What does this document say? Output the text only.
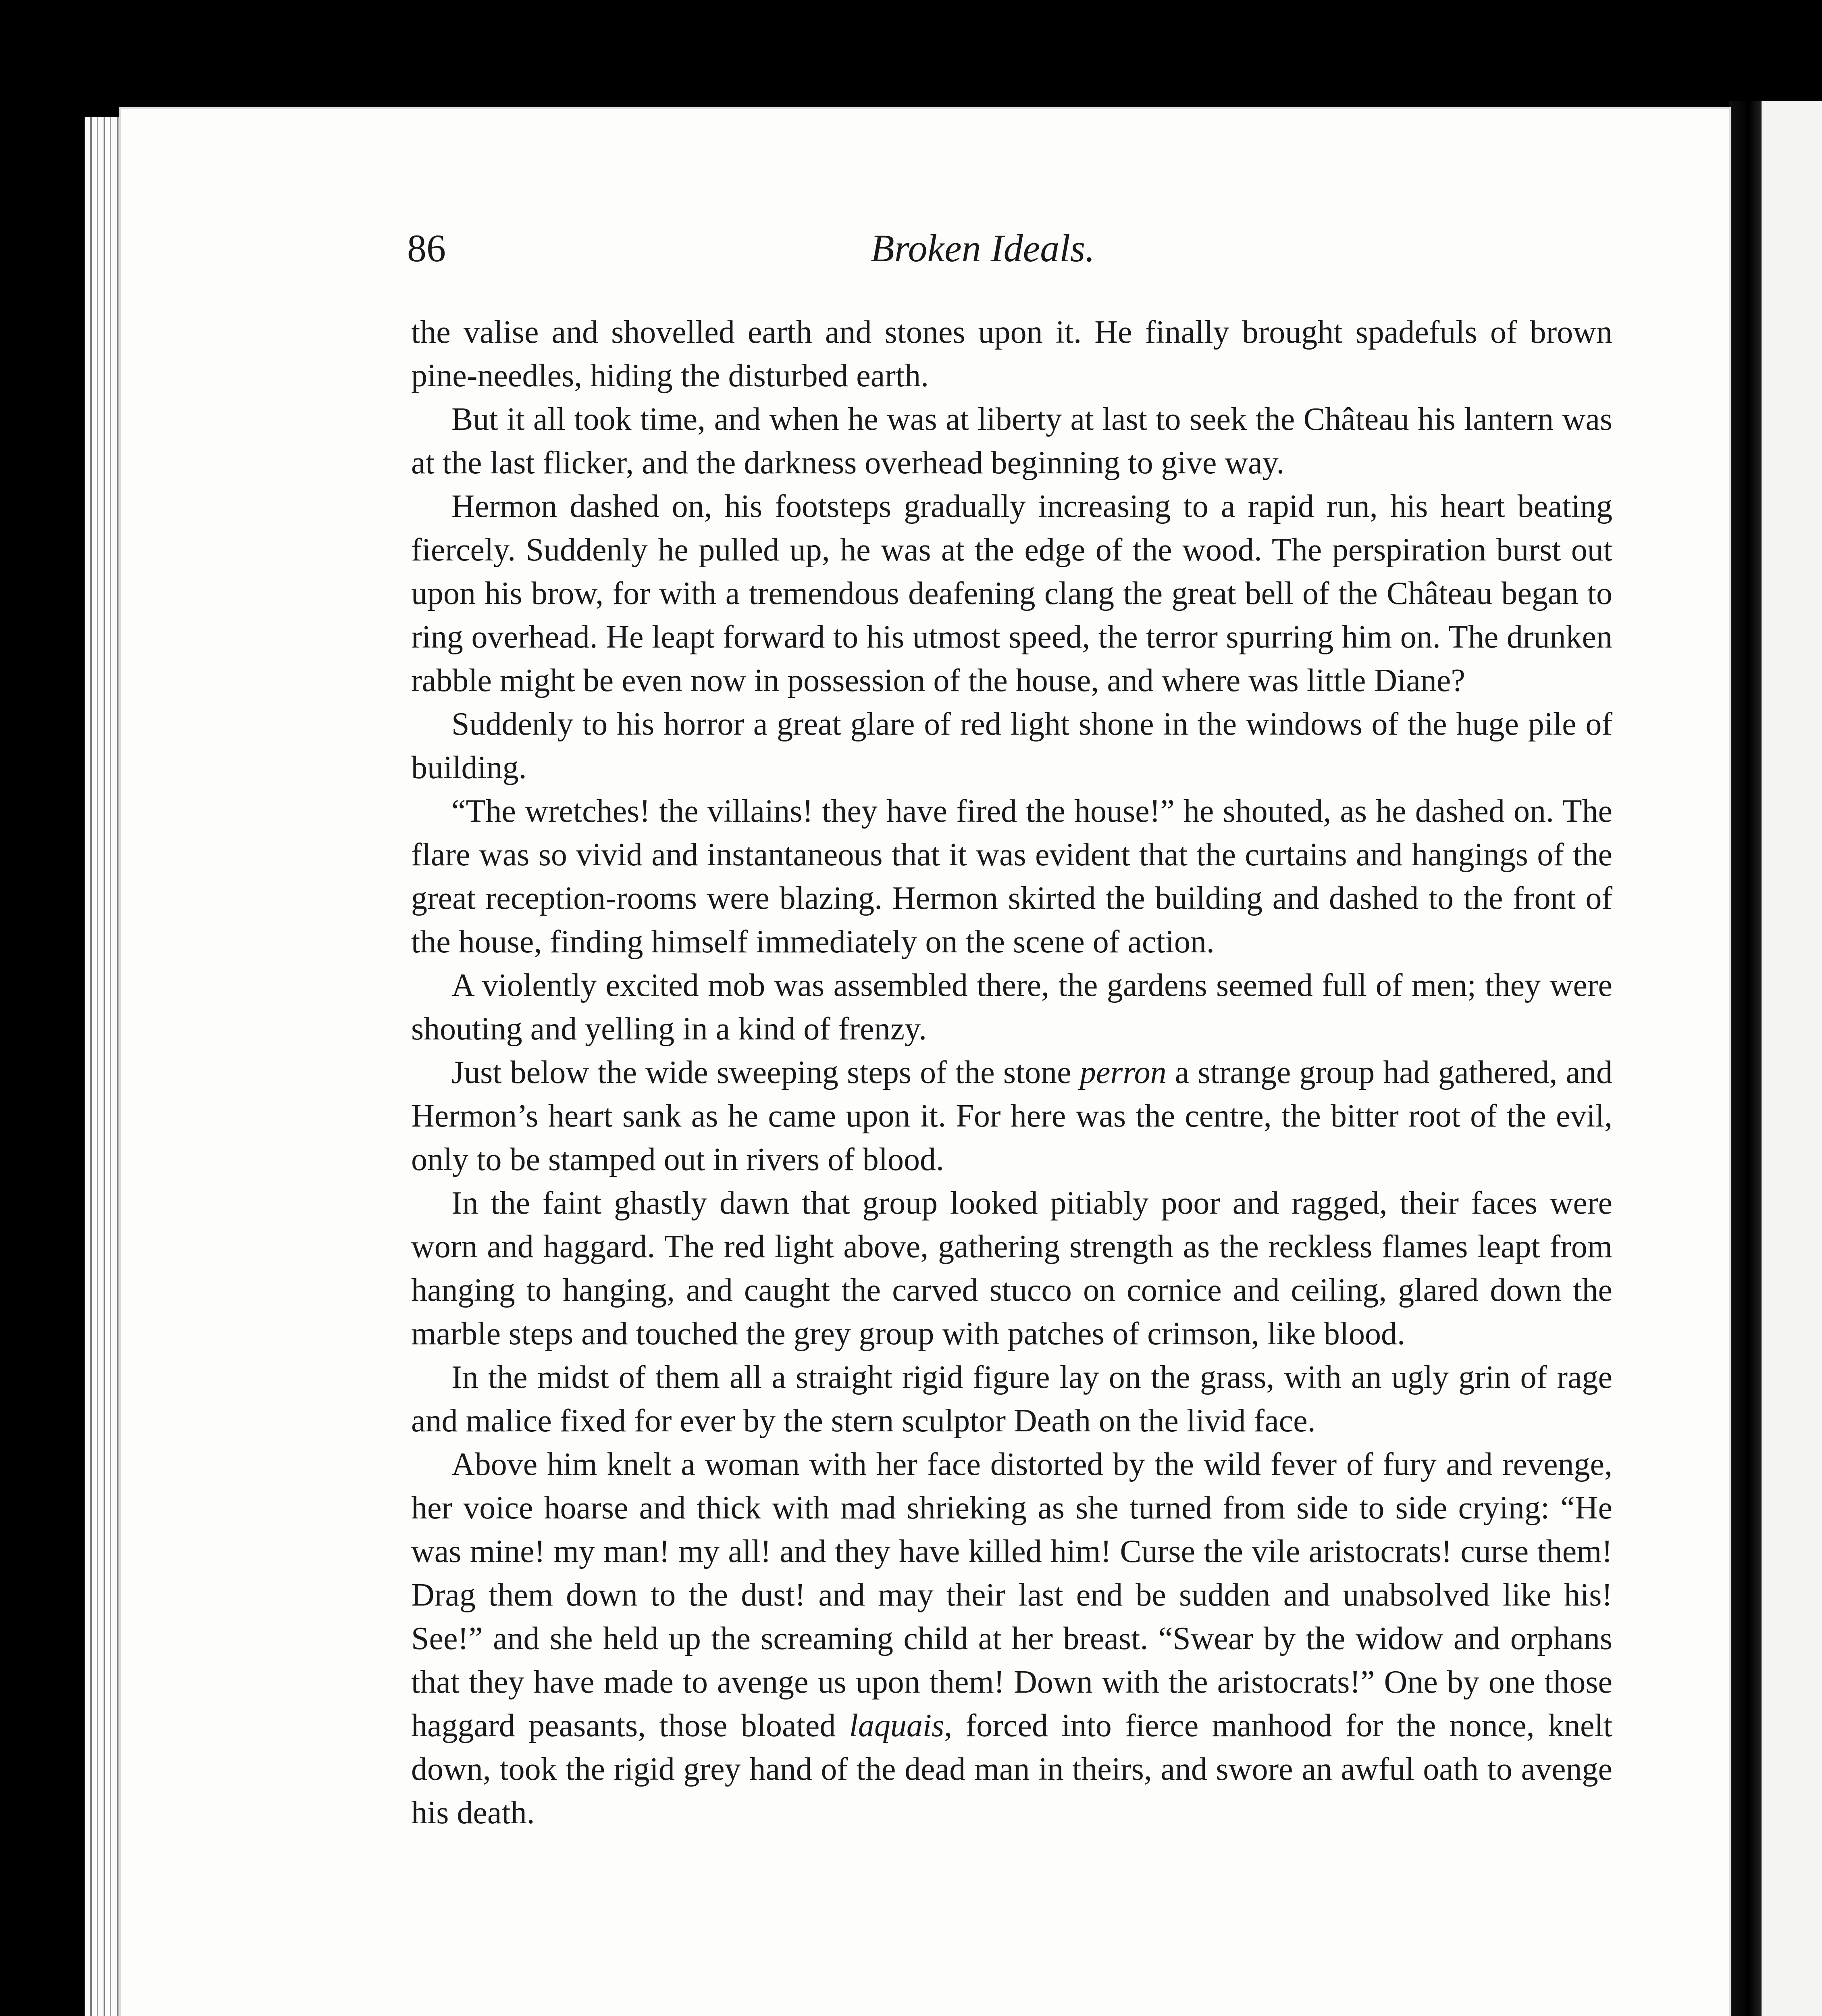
86	Broken Ideals.

the valise and shovelled earth and stones upon it. He finally brought spadefuls of brown pine-needles, hiding the disturbed earth.

But it all took time, and when he was at liberty at last to seek the Château his lantern was at the last flicker, and the darkness overhead beginning to give way.

Hermon dashed on, his footsteps gradually increasing to a rapid run, his heart beating fiercely. Suddenly he pulled up, he was at the edge of the wood. The perspiration burst out upon his brow, for with a tremendous deafening clang the great bell of the Château began to ring overhead. He leapt forward to his utmost speed, the terror spurring him on. The drunken rabble might be even now in possession of the house, and where was little Diane?

Suddenly to his horror a great glare of red light shone in the windows of the huge pile of building.

“The wretches! the villains! they have fired the house!” he shouted, as he dashed on. The flare was so vivid and instantaneous that it was evident that the curtains and hangings of the great reception-rooms were blazing. Hermon skirted the building and dashed to the front of the house, finding himself immediately on the scene of action.

A violently excited mob was assembled there, the gardens seemed full of men; they were shouting and yelling in a kind of frenzy.

Just below the wide sweeping steps of the stone perron a strange group had gathered, and Hermon’s heart sank as he came upon it. For here was the centre, the bitter root of the evil, only to be stamped out in rivers of blood.

In the faint ghastly dawn that group looked pitiably poor and ragged, their faces were worn and haggard. The red light above, gathering strength as the reckless flames leapt from hanging to hanging, and caught the carved stucco on cornice and ceiling, glared down the marble steps and touched the grey group with patches of crimson, like blood.

In the midst of them all a straight rigid figure lay on the grass, with an ugly grin of rage and malice fixed for ever by the stern sculptor Death on the livid face.

Above him knelt a woman with her face distorted by the wild fever of fury and revenge, her voice hoarse and thick with mad shrieking as she turned from side to side crying: “He was mine! my man! my all! and they have killed him! Curse the vile aristocrats! curse them! Drag them down to the dust! and may their last end be sudden and unabsolved like his! See!” and she held up the screaming child at her breast. “Swear by the widow and orphans that they have made to avenge us upon them! Down with the aristocrats!” One by one those haggard peasants, those bloated laquais, forced into fierce manhood for the nonce, knelt down, took the rigid grey hand of the dead man in theirs, and swore an awful oath to avenge his death.
